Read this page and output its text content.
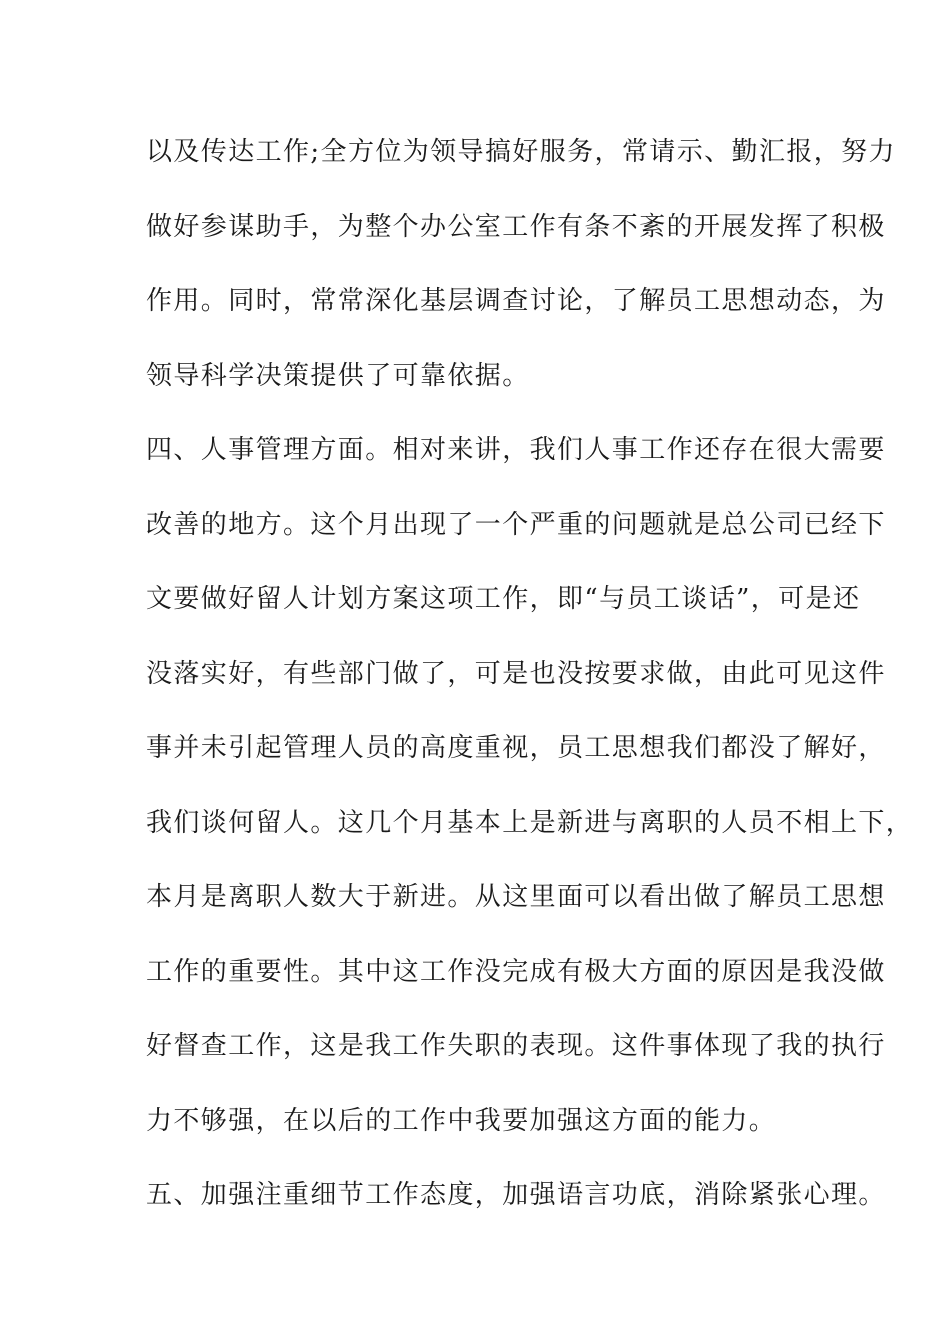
以及传达工作;全方位为领导搞好服务，常请示、勤汇报，努力
做好参谋助手，为整个办公室工作有条不紊的开展发挥了积极
作用。同时，常常深化基层调查讨论，了解员工思想动态，为
领导科学决策提供了可靠依据。
四、人事管理方面。相对来讲，我们人事工作还存在很大需要
改善的地方。这个月出现了一个严重的问题就是总公司已经下
文要做好留人计划方案这项工作，即“与员工谈话”，可是还
没落实好，有些部门做了，可是也没按要求做，由此可见这件
事并未引起管理人员的高度重视，员工思想我们都没了解好，
我们谈何留人。这几个月基本上是新进与离职的人员不相上下，
本月是离职人数大于新进。从这里面可以看出做了解员工思想
工作的重要性。其中这工作没完成有极大方面的原因是我没做
好督查工作，这是我工作失职的表现。这件事体现了我的执行
力不够强，在以后的工作中我要加强这方面的能力。
五、加强注重细节工作态度，加强语言功底，消除紧张心理。
